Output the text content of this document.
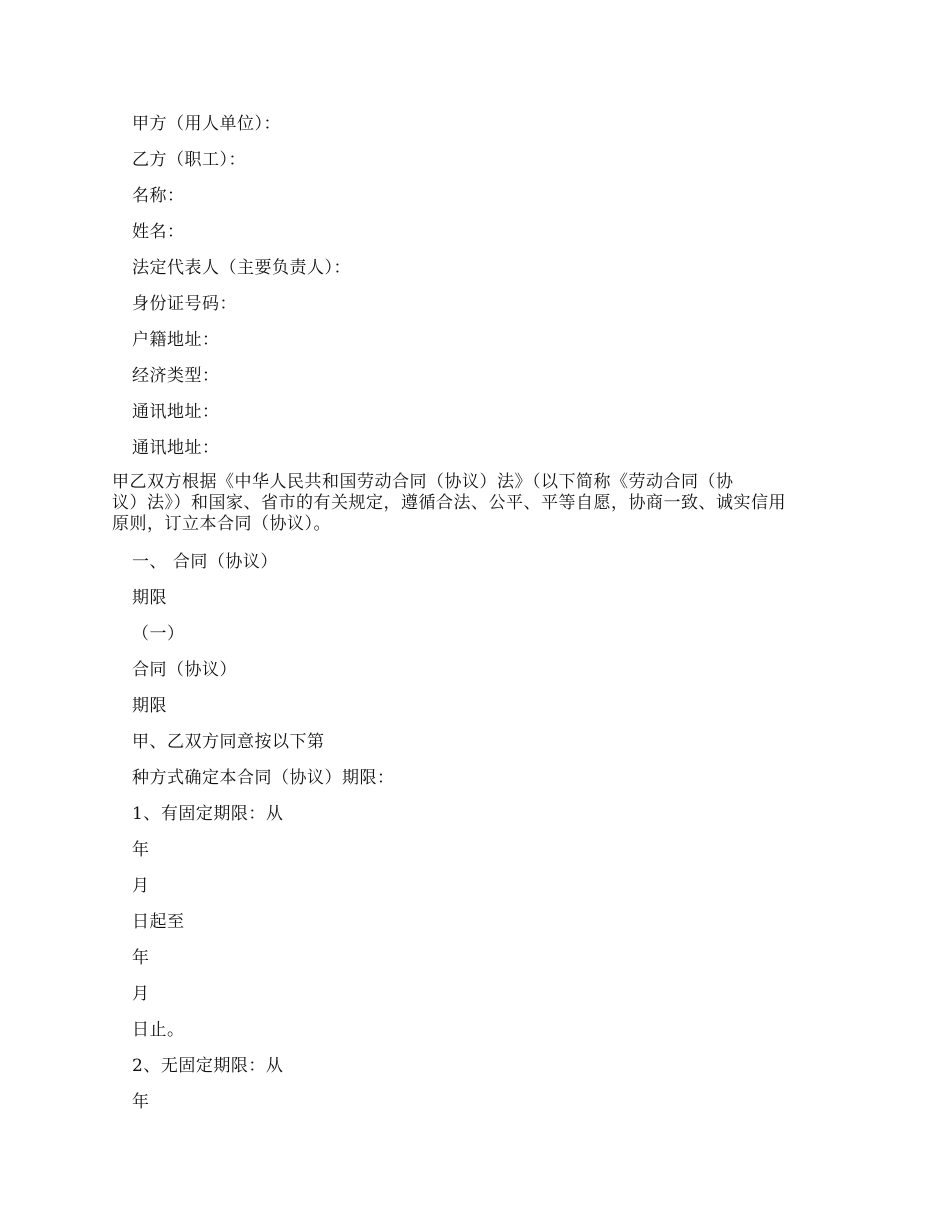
甲方（用人单位）：
乙方（职工）：
名称：
姓名：
法定代表人（主要负责人）：
身份证号码：
户籍地址：
经济类型：
通讯地址：
通讯地址：
甲乙双方根据《中华人民共和国劳动合同（协议）法》（以下简称《劳动合同（协
议）法》）和国家、省市的有关规定，遵循合法、公平、平等自愿，协商一致、诚实信用
原则，订立本合同（协议）。
一、 合同（协议）
期限
（一）
合同（协议）
期限
甲、乙双方同意按以下第
种方式确定本合同（协议）期限：
1、有固定期限：从
年
月
日起至
年
月
日止。
2、无固定期限：从
年
